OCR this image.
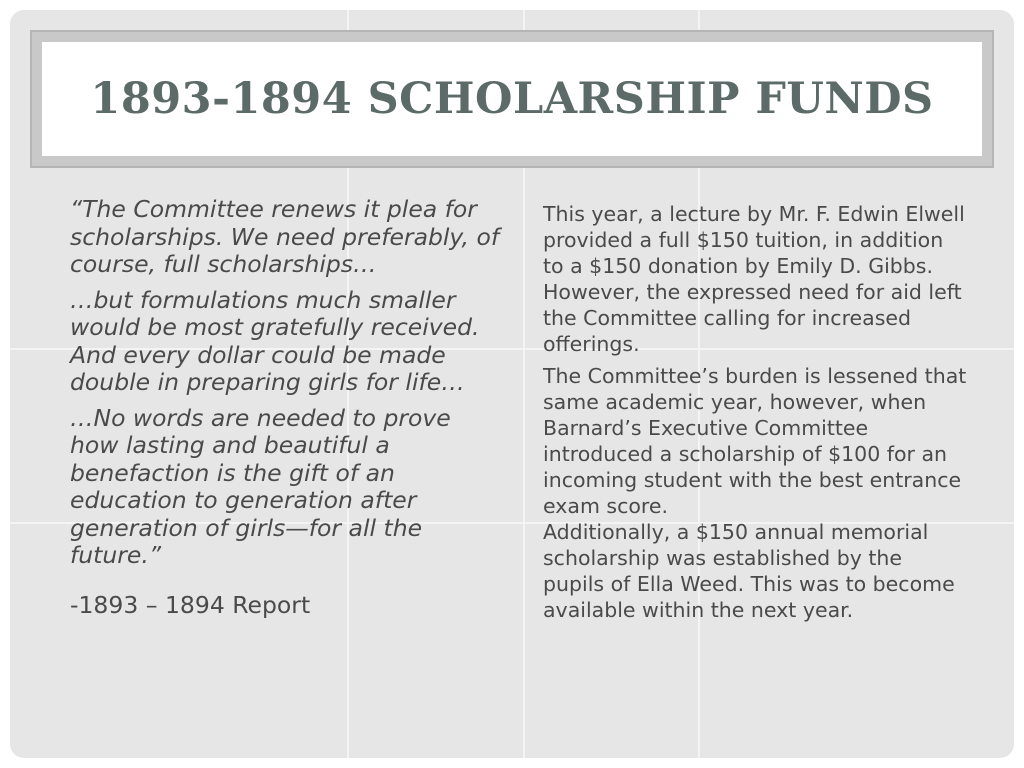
1893-1894 SCHOLARSHIP FUNDS

“The Committee renews it plea for scholarships. We need preferably, of course, full scholarships…

…but formulations much smaller would be most gratefully received. And every dollar could be made double in preparing girls for life…

…No words are needed to prove how lasting and beautiful a benefaction is the gift of an education to generation after generation of girls—for all the future.”

-1893 – 1894 Report

This year, a lecture by Mr. F. Edwin Elwell provided a full $150 tuition, in addition to a $150 donation by Emily D. Gibbs. However, the expressed need for aid left the Committee calling for increased offerings.

The Committee’s burden is lessened that same academic year, however, when Barnard’s Executive Committee introduced a scholarship of $100 for an incoming student with the best entrance exam score.

Additionally, a $150 annual memorial scholarship was established by the pupils of Ella Weed. This was to become available within the next year.
